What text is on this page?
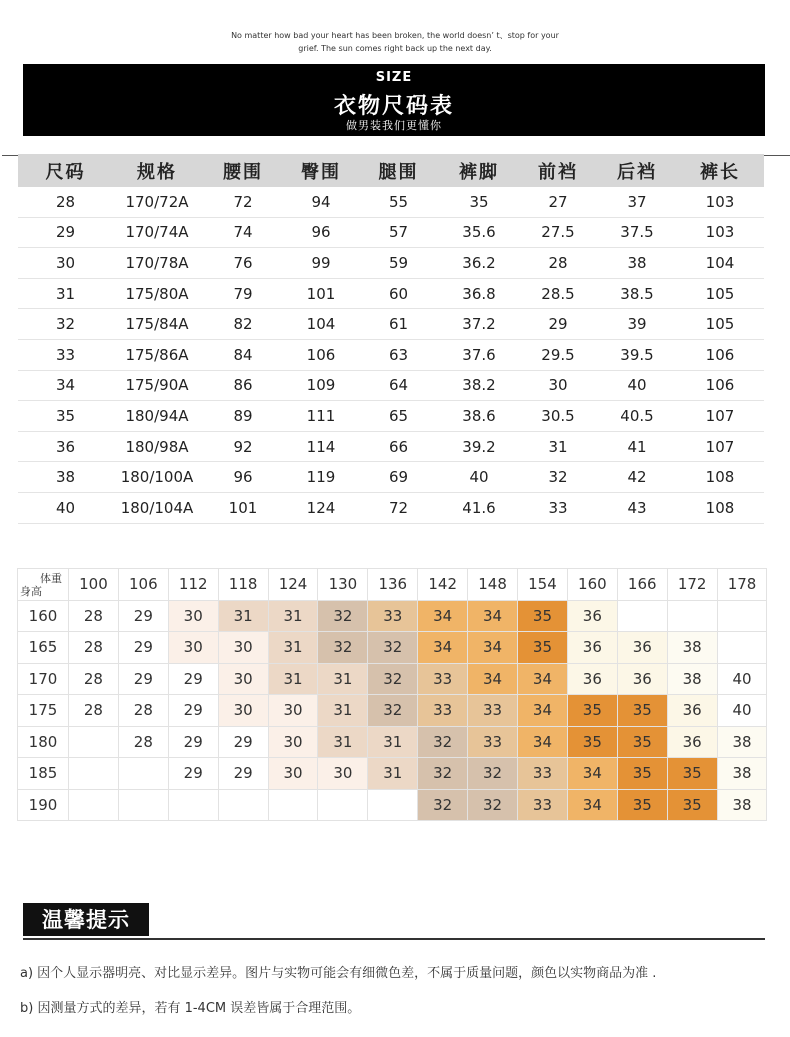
No matter how bad your heart has been broken, the world doesn’ t、stop for your
grief. The sun comes right back up the next day.
SIZE
衣物尺码表
做男装我们更懂你
尺码	规格	腰围	臀围	腿围	裤脚	前裆	后裆	裤长
28	170/72A	72	94	55	35	27	37	103
29	170/74A	74	96	57	35.6	27.5	37.5	103
30	170/78A	76	99	59	36.2	28	38	104
31	175/80A	79	101	60	36.8	28.5	38.5	105
32	175/84A	82	104	61	37.2	29	39	105
33	175/86A	84	106	63	37.6	29.5	39.5	106
34	175/90A	86	109	64	38.2	30	40	106
35	180/94A	89	111	65	38.6	30.5	40.5	107
36	180/98A	92	114	66	39.2	31	41	107
38	180/100A	96	119	69	40	32	42	108
40	180/104A	101	124	72	41.6	33	43	108
体重
身高	100	106	112	118	124	130	136	142	148	154	160	166	172	178
160	28	29	30	31	31	32	33	34	34	35	36			
165	28	29	30	30	31	32	32	34	34	35	36	36	38	
170	28	29	29	30	31	31	32	33	34	34	36	36	38	40
175	28	28	29	30	30	31	32	33	33	34	35	35	36	40
180		28	29	29	30	31	31	32	33	34	35	35	36	38
185			29	29	30	30	31	32	32	33	34	35	35	38
190								32	32	33	34	35	35	38
温馨提示
a) 因个人显示器明亮、对比显示差异。图片与实物可能会有细微色差，不属于质量问题，颜色以实物商品为准 .
b) 因测量方式的差异，若有 1-4CM 误差皆属于合理范围。
